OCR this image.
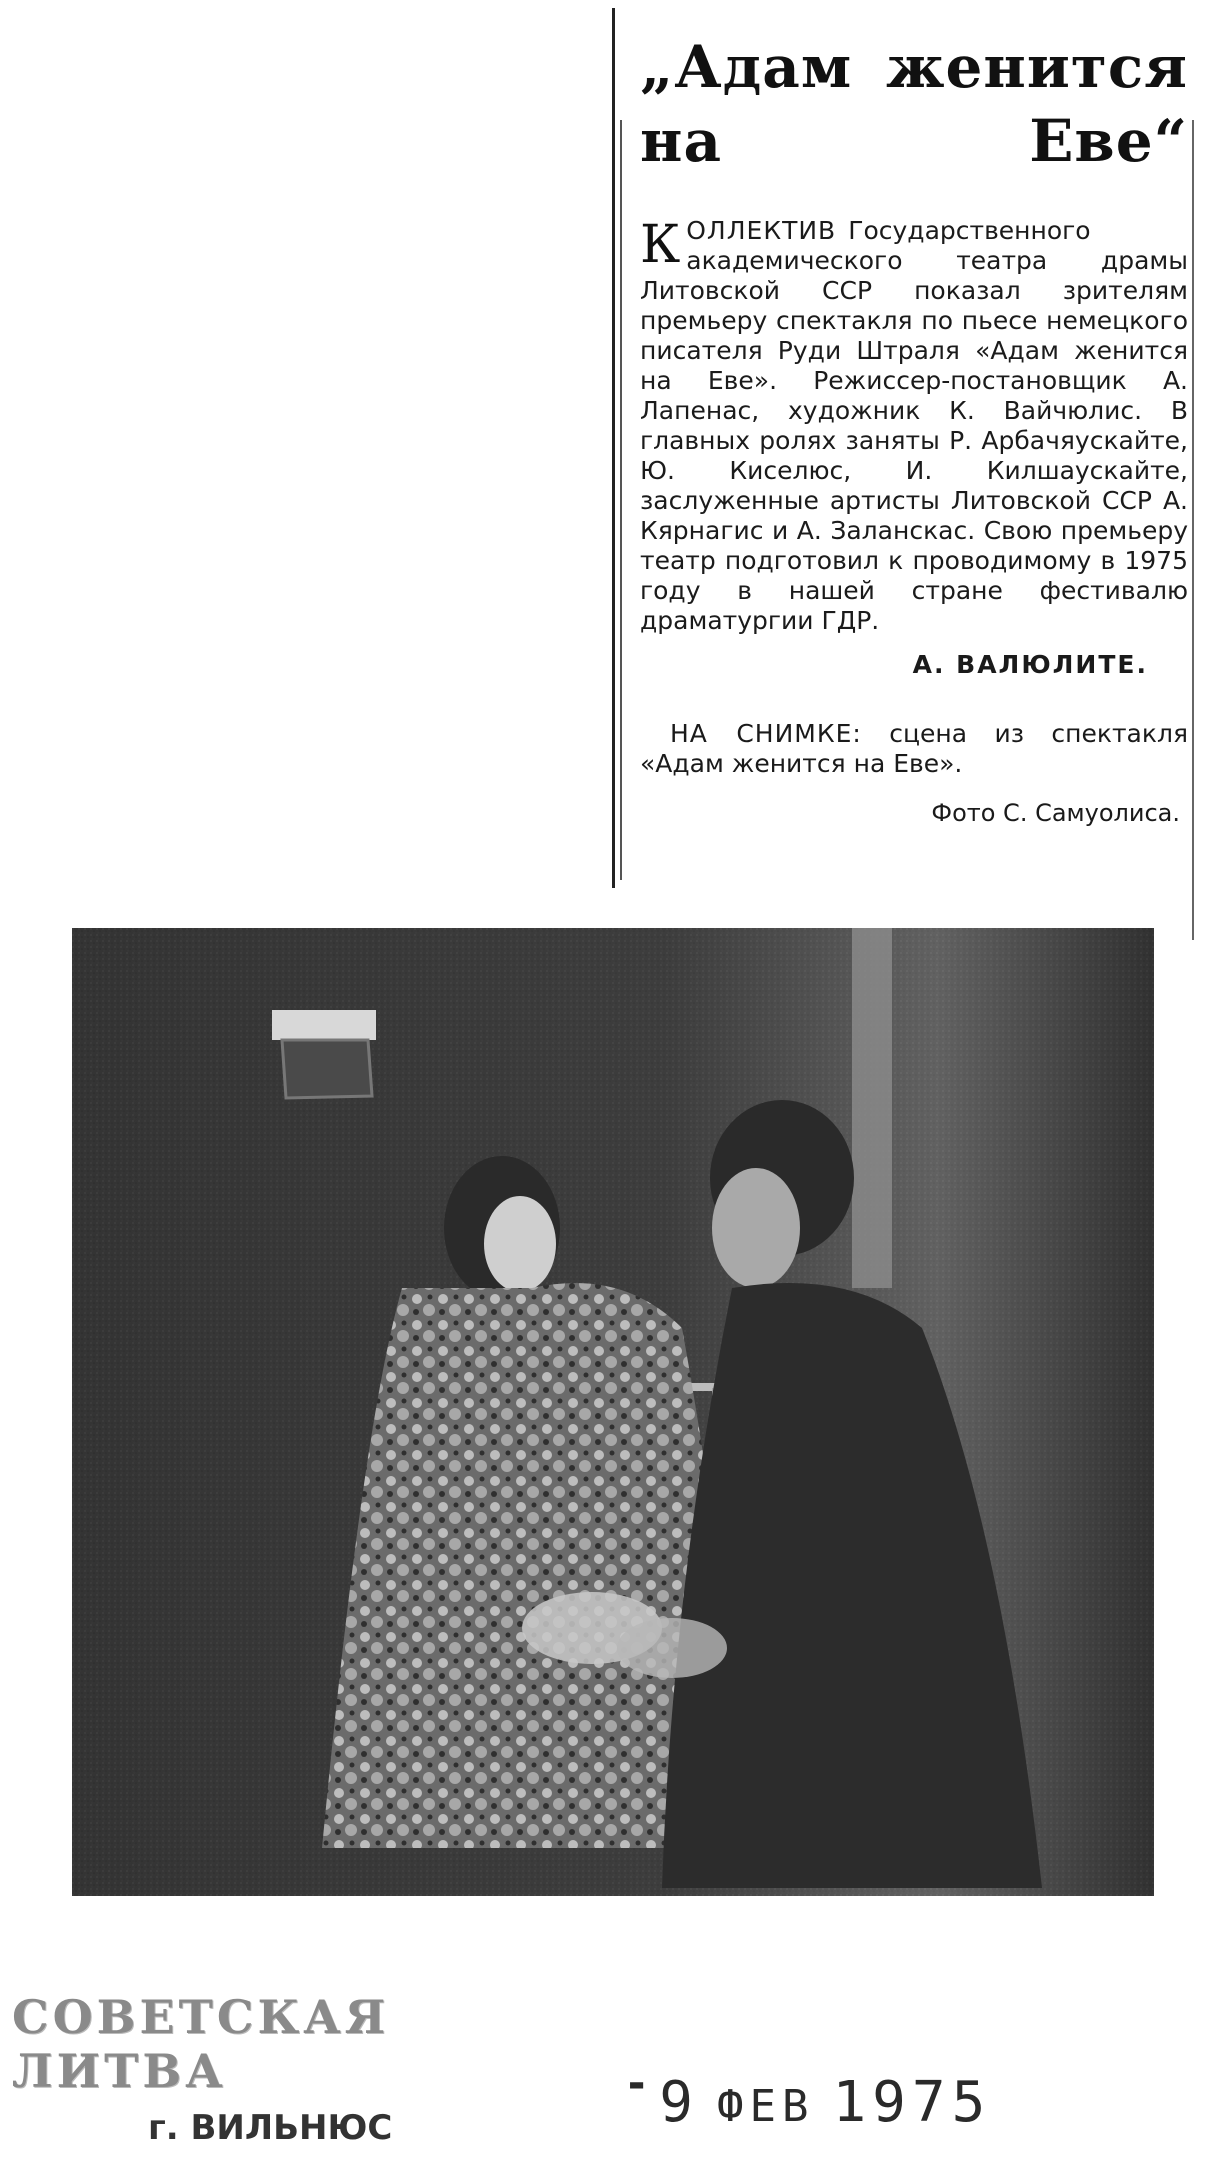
„Адам женится
на Еве“

КОЛЛЕКТИВ Государственного академического театра драмы Литовской ССР показал зрителям премьеру спектакля по пьесе немецкого писателя Руди Штраля «Адам женится на Еве». Режиссер-постановщик А. Лапенас, художник К. Вайчюлис. В главных ролях заняты Р. Арбачяускайте, Ю. Киселюс, И. Килшаускайте, заслуженные артисты Литовской ССР А. Кярнагис и А. Заланскас. Свою премьеру театр подготовил к проводимому в 1975 году в нашей стране фестивалю драматургии ГДР.

А. ВАЛЮЛИТЕ.

НА СНИМКЕ: сцена из спектакля «Адам женится на Еве».

Фото С. Самуолиса.

СОВЕТСКАЯ ЛИТВА

г. ВИЛЬНЮС
▬ 9 ФЕВ 1975
